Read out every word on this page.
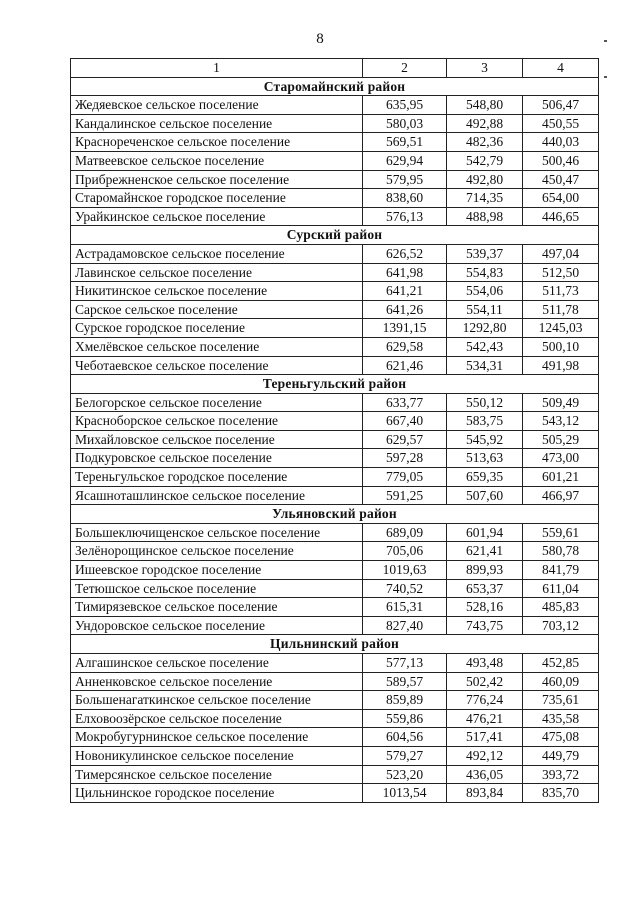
8
1	2	3	4
Старомайнский район			
Жедяевское сельское поселение	635,95	548,80	506,47
Кандалинское сельское поселение	580,03	492,88	450,55
Краснореченское сельское поселение	569,51	482,36	440,03
Матвеевское сельское поселение	629,94	542,79	500,46
Прибрежненское сельское поселение	579,95	492,80	450,47
Старомайнское городское поселение	838,60	714,35	654,00
Урайкинское сельское поселение	576,13	488,98	446,65
Сурский район			
Астрадамовское сельское поселение	626,52	539,37	497,04
Лавинское сельское поселение	641,98	554,83	512,50
Никитинское сельское поселение	641,21	554,06	511,73
Сарское сельское поселение	641,26	554,11	511,78
Сурское городское поселение	1391,15	1292,80	1245,03
Хмелёвское сельское поселение	629,58	542,43	500,10
Чеботаевское сельское поселение	621,46	534,31	491,98
Тереньгульский район			
Белогорское сельское поселение	633,77	550,12	509,49
Красноборское сельское поселение	667,40	583,75	543,12
Михайловское сельское поселение	629,57	545,92	505,29
Подкуровское сельское поселение	597,28	513,63	473,00
Тереньгульское городское поселение	779,05	659,35	601,21
Ясашноташлинское сельское поселение	591,25	507,60	466,97
Ульяновский район			
Большеключищенское сельское поселение	689,09	601,94	559,61
Зелёнорощинское сельское поселение	705,06	621,41	580,78
Ишеевское городское поселение	1019,63	899,93	841,79
Тетюшское сельское поселение	740,52	653,37	611,04
Тимирязевское сельское поселение	615,31	528,16	485,83
Ундоровское сельское поселение	827,40	743,75	703,12
Цильнинский район			
Алгашинское сельское поселение	577,13	493,48	452,85
Анненковское сельское поселение	589,57	502,42	460,09
Большенагаткинское сельское поселение	859,89	776,24	735,61
Елховоозёрское сельское поселение	559,86	476,21	435,58
Мокробугурнинское сельское поселение	604,56	517,41	475,08
Новоникулинское сельское поселение	579,27	492,12	449,79
Тимерсянское сельское поселение	523,20	436,05	393,72
Цильнинское городское поселение	1013,54	893,84	835,70
